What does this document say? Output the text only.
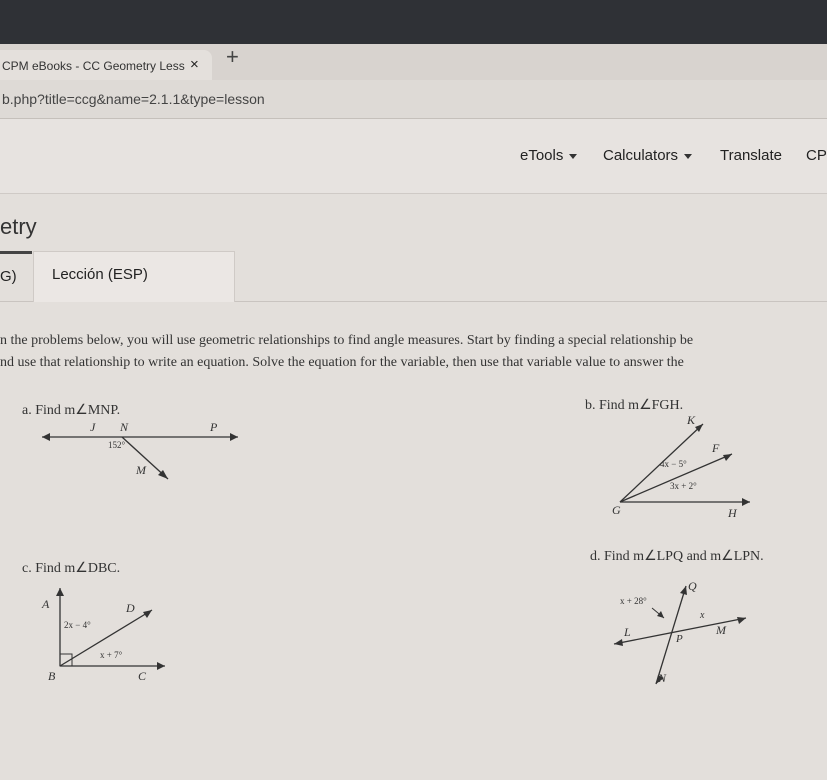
CPM eBooks - CC Geometry Less × +
b.php?title=ccg&name=2.1.1&type=lesson
eTools	Calculators	Translate CP
etry
G) Lección (ESP)
n the problems below, you will use geometric relationships to find angle measures. Start by finding a special relationship be
nd use that relationship to write an equation. Solve the equation for the variable, then use that variable value to answer the
a. Find m∠MNP.
J N	P
152°
M
b. Find m∠FGH.
K
F
G	H
4x − 5°
3x + 2°
c. Find m∠DBC.
A	D
B	C
2x − 4°
x + 7°
d. Find m∠LPQ and m∠LPN.
Q
L	P
M
N
x + 28°
x
